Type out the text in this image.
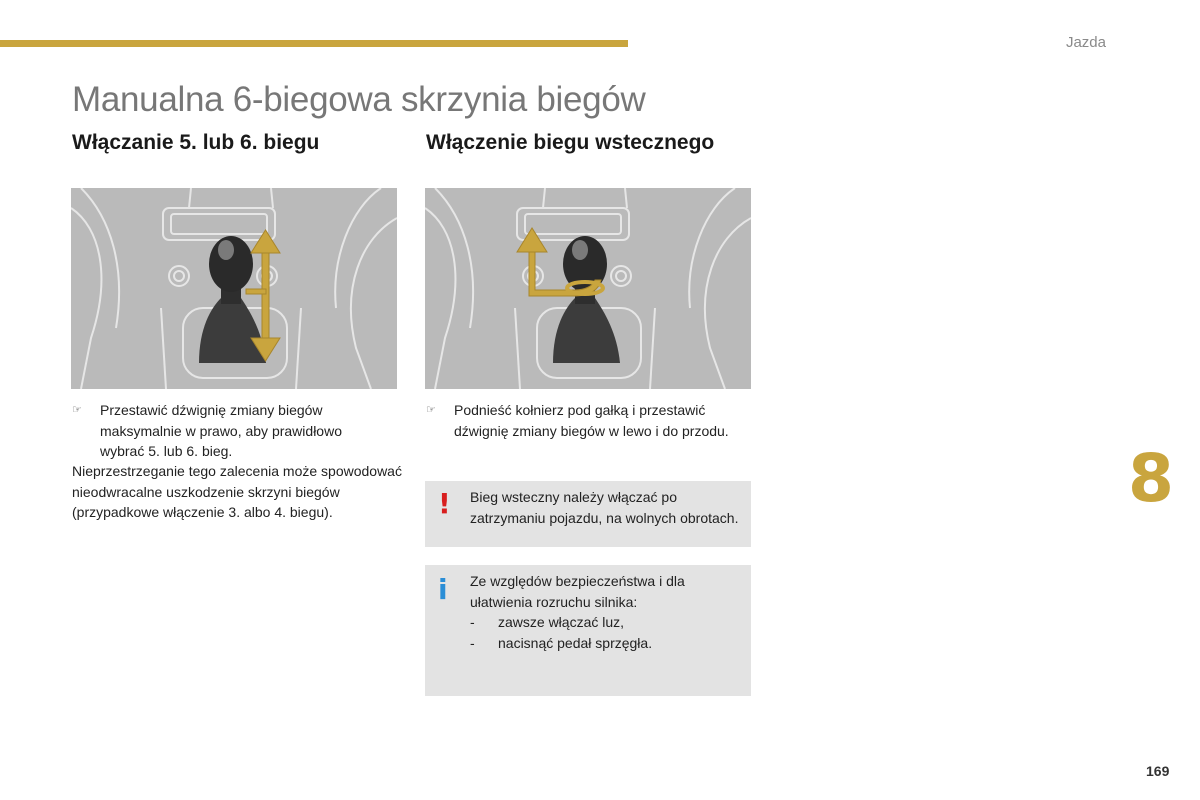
Jazda
Manualna 6-biegowa skrzynia biegów
Włączanie 5. lub 6. biegu
☞ Przestawić dźwignię zmiany biegów maksymalnie w prawo, aby prawidłowo wybrać 5. lub 6. bieg.
Nieprzestrzeganie tego zalecenia może spowodować nieodwracalne uszkodzenie skrzyni biegów (przypadkowe włączenie 3. albo 4. biegu).
Włączenie biegu wstecznego
☞ Podnieść kołnierz pod gałką i przestawić dźwignię zmiany biegów w lewo i do przodu.
! Bieg wsteczny należy włączać po zatrzymaniu pojazdu, na wolnych obrotach.
i Ze względów bezpieczeństwa i dla ułatwienia rozruchu silnika:
- zawsze włączać luz,
- nacisnąć pedał sprzęgła.
8
169
